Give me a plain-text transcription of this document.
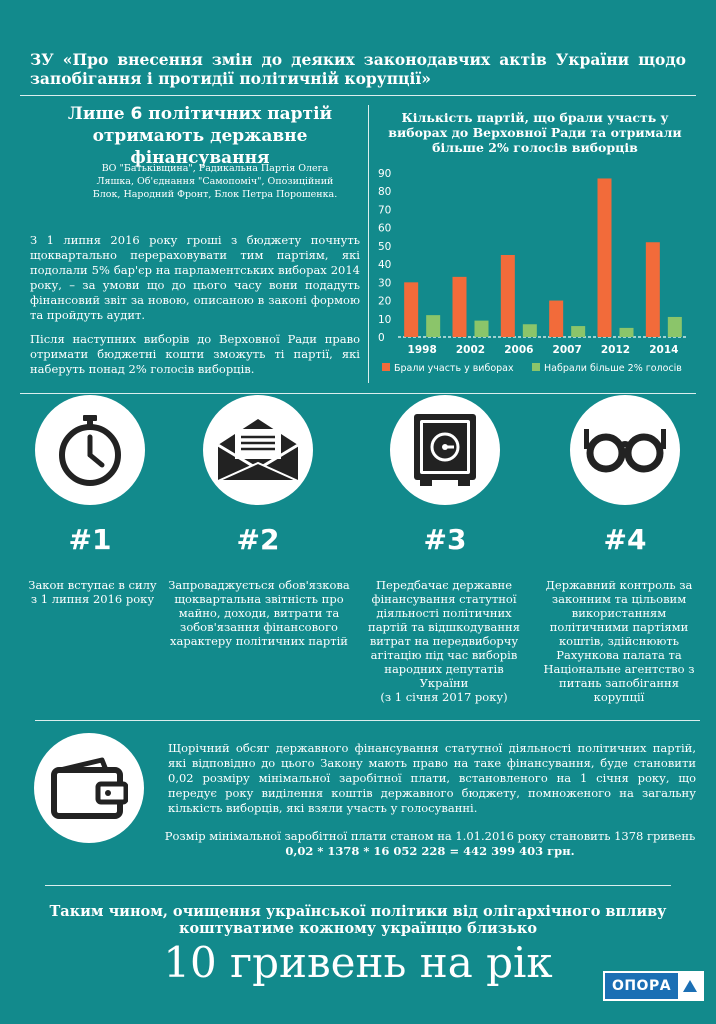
ЗУ «Про внесення змін до деяких законодавчих актів України щодо запобігання і протидії політичній корупції»
Лише 6 політичних партій отримають державне фінансування
ВО "Батьківщина", Радикальна Партія Олега Ляшка, Об'єднання "Самопоміч", Опозиційний Блок, Народний Фронт, Блок Петра Порошенка.
З 1 липня 2016 року гроші з бюджету почнуть щоквартально перераховувати тим партіям, які подолали 5% бар'єр на парламентських виборах 2014 року, – за умови що до цього часу вони подадуть фінансовий звіт за новою, описаною в законі формою та пройдуть аудит.
Після наступних виборів до Верховної Ради право отримати бюджетні кошти зможуть ті партії, які наберуть понад 2% голосів виборців.
Кількість партій, що брали участь у виборах до Верховної Ради та отримали більше 2% голосів виборців
0
10
20
30
40
50
60
70
80
90
1998 2002 2006 2007 2012 2014
Брали участь у виборах	Набрали більше 2% голосів
#1	#2	#3	#4
Закон вступає в силу з 1 липня 2016 року
Запроваджується обов'язкова щоквартальна звітність про майно, доходи, витрати та зобов'язання фінансового характеру політичних партій
Передбачає державне фінансування статутної діяльності політичних партій та відшкодування витрат на передвиборчу агітацію під час виборів народних депутатів України
(з 1 січня 2017 року)
Державний контроль за законним та цільовим використанням політичними партіями коштів, здійснюють Рахункова палата та Національне агентство з питань запобігання корупції
Щорічний обсяг державного фінансування статутної діяльності політичних партій, які відповідно до цього Закону мають право на таке фінансування, буде становити 0,02 розміру мінімальної заробітної плати, встановленого на 1 січня року, що передує року виділення коштів державного бюджету, помноженого на загальну кількість виборців, які взяли участь у голосуванні.
Розмір мінімальної заробітної плати станом на 1.01.2016 року становить 1378 гривень
0,02 * 1378 * 16 052 228 = 442 399 403 грн.
Таким чином, очищення української політики від олігархічного впливу коштуватиме кожному українцю близько
10 гривень на рік	ОПОРА
